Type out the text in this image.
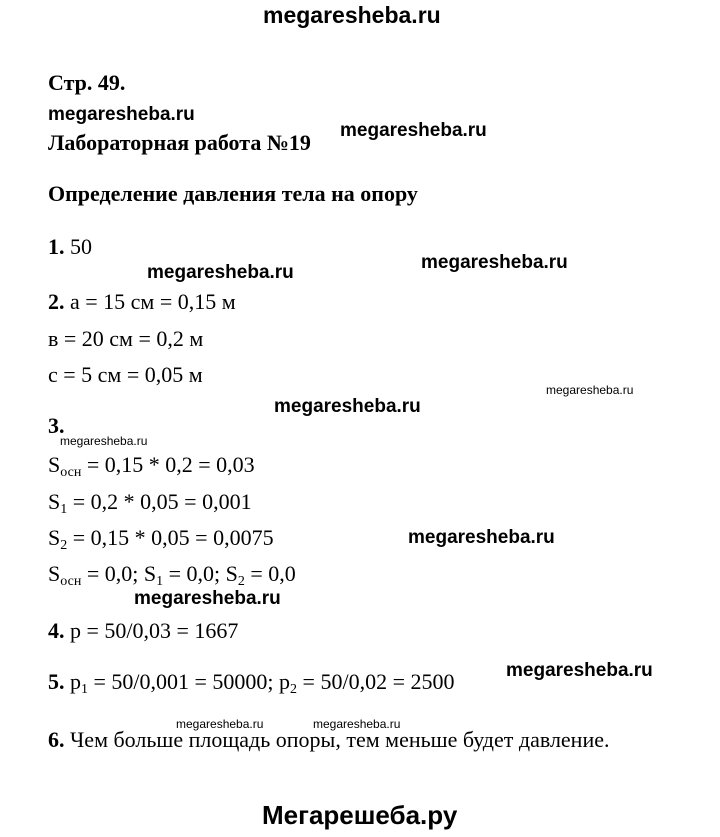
megaresheba.ru
Стр. 49.
megaresheba.ru
Лабораторная работа №19 megaresheba.ru
Определение давления тела на опору
1. 50
megaresheba.ru	megaresheba.ru
2. а = 15 см = 0,15 м
в = 20 см = 0,2 м
с = 5 см = 0,05 м
megaresheba.ru
megaresheba.ru
3.
megaresheba.ru
$S_{осн} = 0,15 * 0,2 = 0,03$
$S_1 = 0,2 * 0,05 = 0,001$
$S_2 = 0,15 * 0,05 = 0,0075$	megaresheba.ru
$S_{осн} = 0,0$; $S_1 = 0,0$; $S_2 = 0,0$
megaresheba.ru
4. p = 50/0,03 = 1667
5. $p_1 = 50/0,001 = 50000$; $p_2 = 50/0,02 = 2500$	megaresheba.ru
megaresheba.ru	megaresheba.ru
6. Чем больше площадь опоры, тем меньше будет давление.
Мегарешеба.ру
